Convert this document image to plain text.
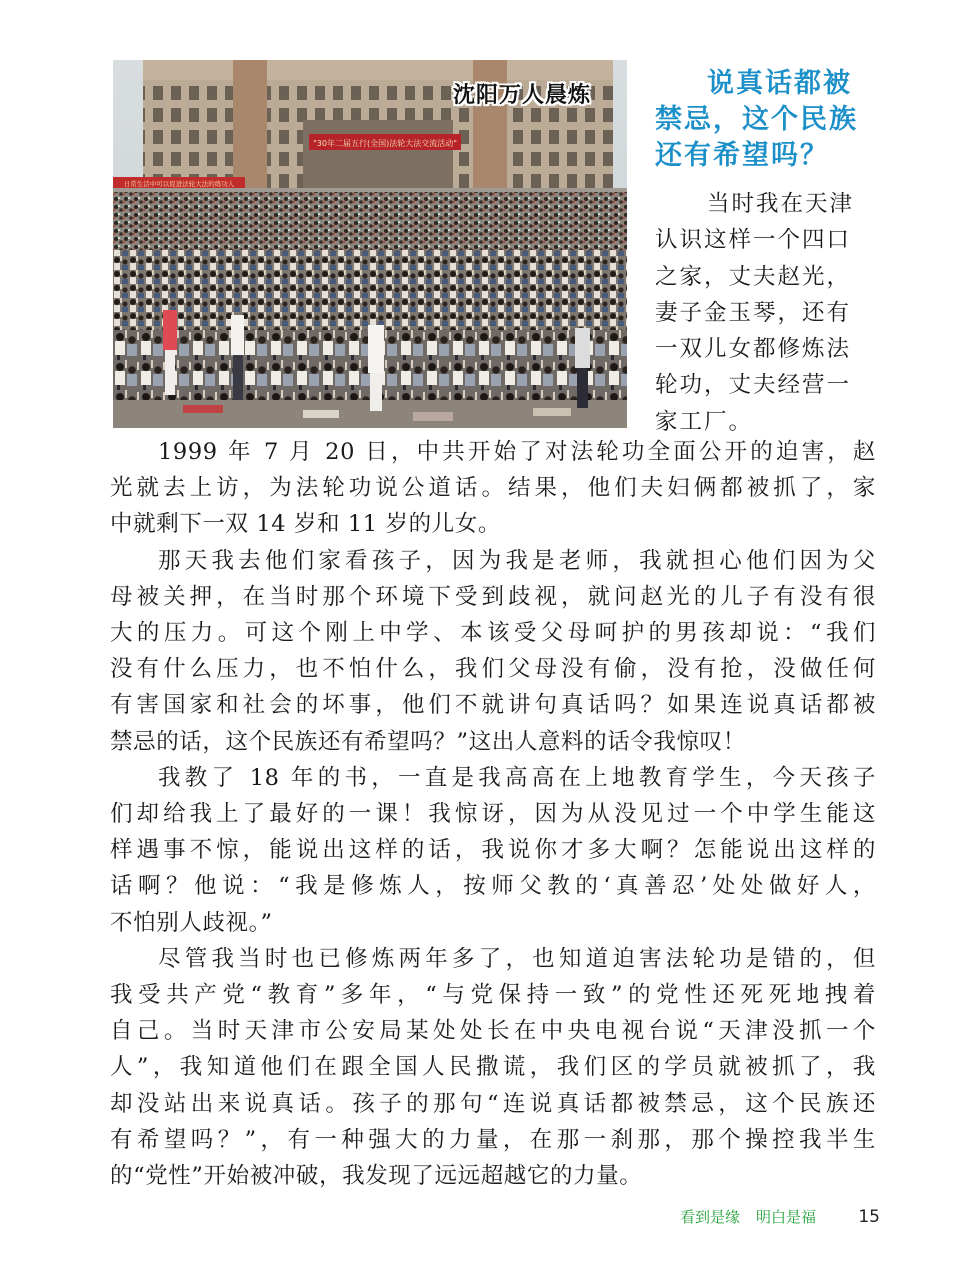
"30年二届五行(全国)法轮大法交流活动"
日常生活中可以促进法轮大法的练功人
沈阳万人晨炼	说真话都被
禁忌，这个民族
还有希望吗？

当时我在天津
认识这样一个四口
之家，丈夫赵光，
妻子金玉琴，还有
一双儿女都修炼法
轮功，丈夫经营一
家工厂。

1999 年 7 月 20 日，中共开始了对法轮功全面公开的迫害，赵
光就去上访，为法轮功说公道话。结果，他们夫妇俩都被抓了，家
中就剩下一双 14 岁和 11 岁的儿女。

那天我去他们家看孩子，因为我是老师，我就担心他们因为父
母被关押，在当时那个环境下受到歧视，就问赵光的儿子有没有很
大的压力。可这个刚上中学、本该受父母呵护的男孩却说：“我们
没有什么压力，也不怕什么，我们父母没有偷，没有抢，没做任何
有害国家和社会的坏事，他们不就讲句真话吗？如果连说真话都被
禁忌的话，这个民族还有希望吗？”这出人意料的话令我惊叹！

我教了 18 年的书，一直是我高高在上地教育学生，今天孩子
们却给我上了最好的一课！我惊讶，因为从没见过一个中学生能这
样遇事不惊，能说出这样的话，我说你才多大啊？怎能说出这样的
话啊？他说：“我是修炼人，按师父教的‘真善忍’处处做好人，
不怕别人歧视。”

尽管我当时也已修炼两年多了，也知道迫害法轮功是错的，但
我受共产党“教育”多年，“与党保持一致”的党性还死死地拽着
自己。当时天津市公安局某处处长在中央电视台说“天津没抓一个
人”，我知道他们在跟全国人民撒谎，我们区的学员就被抓了，我
却没站出来说真话。孩子的那句“连说真话都被禁忌，这个民族还
有希望吗？”，有一种强大的力量，在那一刹那，那个操控我半生
的“党性”开始被冲破，我发现了远远超越它的力量。

看到是缘 明白是福 15
